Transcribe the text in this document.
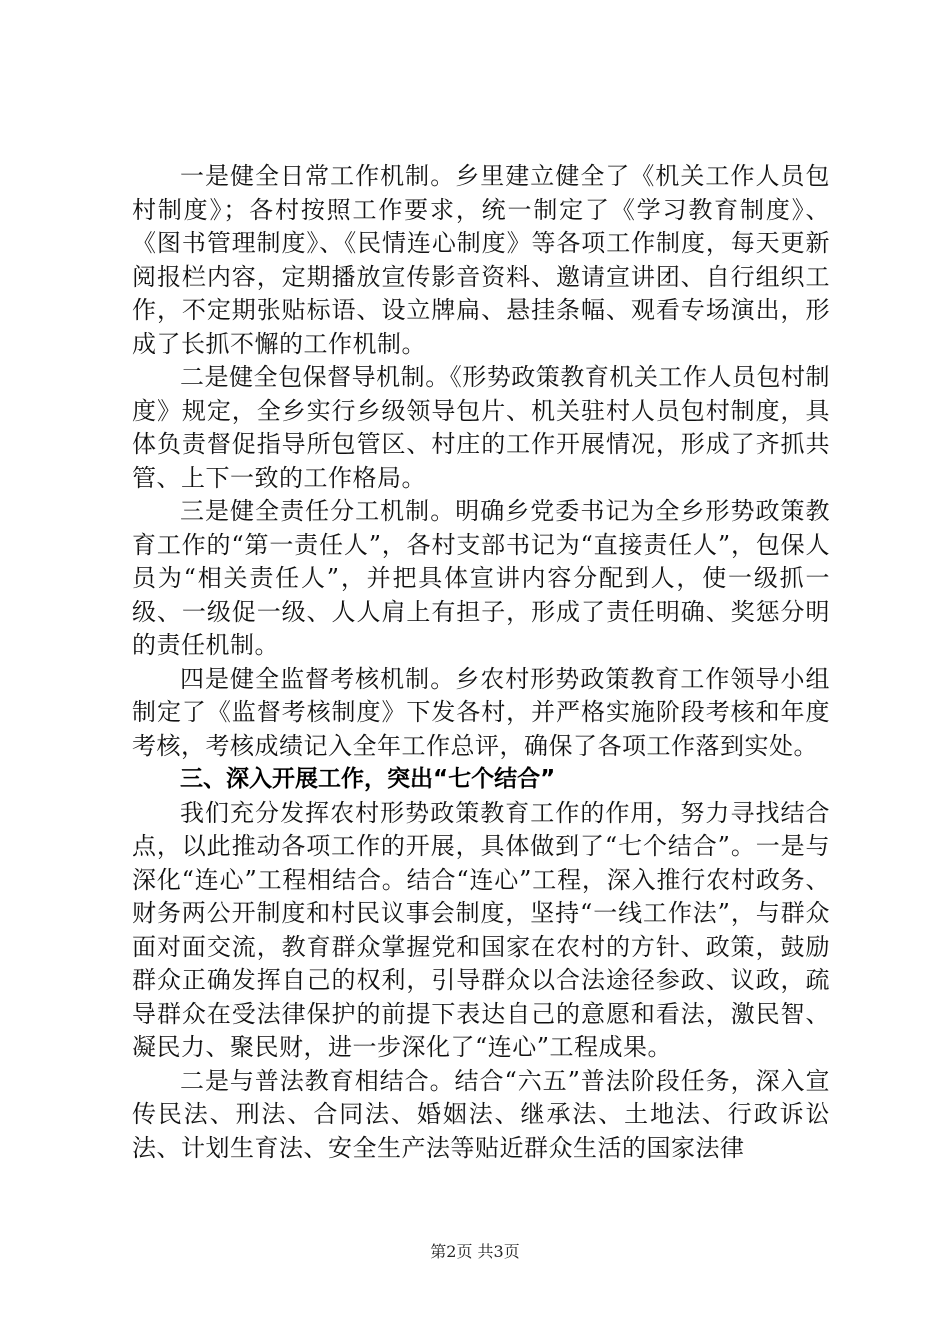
一是健全日常工作机制。乡里建立健全了《机关工作人员包村制度》；各村按照工作要求，统一制定了《学习教育制度》、《图书管理制度》、《民情连心制度》等各项工作制度，每天更新阅报栏内容，定期播放宣传影音资料、邀请宣讲团、自行组织工作，不定期张贴标语、设立牌扁、悬挂条幅、观看专场演出，形成了长抓不懈的工作机制。

二是健全包保督导机制。《形势政策教育机关工作人员包村制度》规定，全乡实行乡级领导包片、机关驻村人员包村制度，具体负责督促指导所包管区、村庄的工作开展情况，形成了齐抓共管、上下一致的工作格局。

三是健全责任分工机制。明确乡党委书记为全乡形势政策教育工作的“第一责任人”，各村支部书记为“直接责任人”，包保人员为“相关责任人”，并把具体宣讲内容分配到人，使一级抓一级、一级促一级、人人肩上有担子，形成了责任明确、奖惩分明的责任机制。

四是健全监督考核机制。乡农村形势政策教育工作领导小组制定了《监督考核制度》下发各村，并严格实施阶段考核和年度考核，考核成绩记入全年工作总评，确保了各项工作落到实处。

三、深入开展工作，突出“七个结合”

我们充分发挥农村形势政策教育工作的作用，努力寻找结合点，以此推动各项工作的开展，具体做到了“七个结合”。一是与深化“连心”工程相结合。结合“连心”工程，深入推行农村政务、财务两公开制度和村民议事会制度，坚持“一线工作法”，与群众面对面交流，教育群众掌握党和国家在农村的方针、政策，鼓励群众正确发挥自己的权利，引导群众以合法途径参政、议政，疏导群众在受法律保护的前提下表达自己的意愿和看法，激民智、凝民力、聚民财，进一步深化了“连心”工程成果。

二是与普法教育相结合。结合“六五”普法阶段任务，深入宣传民法、刑法、合同法、婚姻法、继承法、土地法、行政诉讼法、计划生育法、安全生产法等贴近群众生活的国家法律

第2页 共3页
